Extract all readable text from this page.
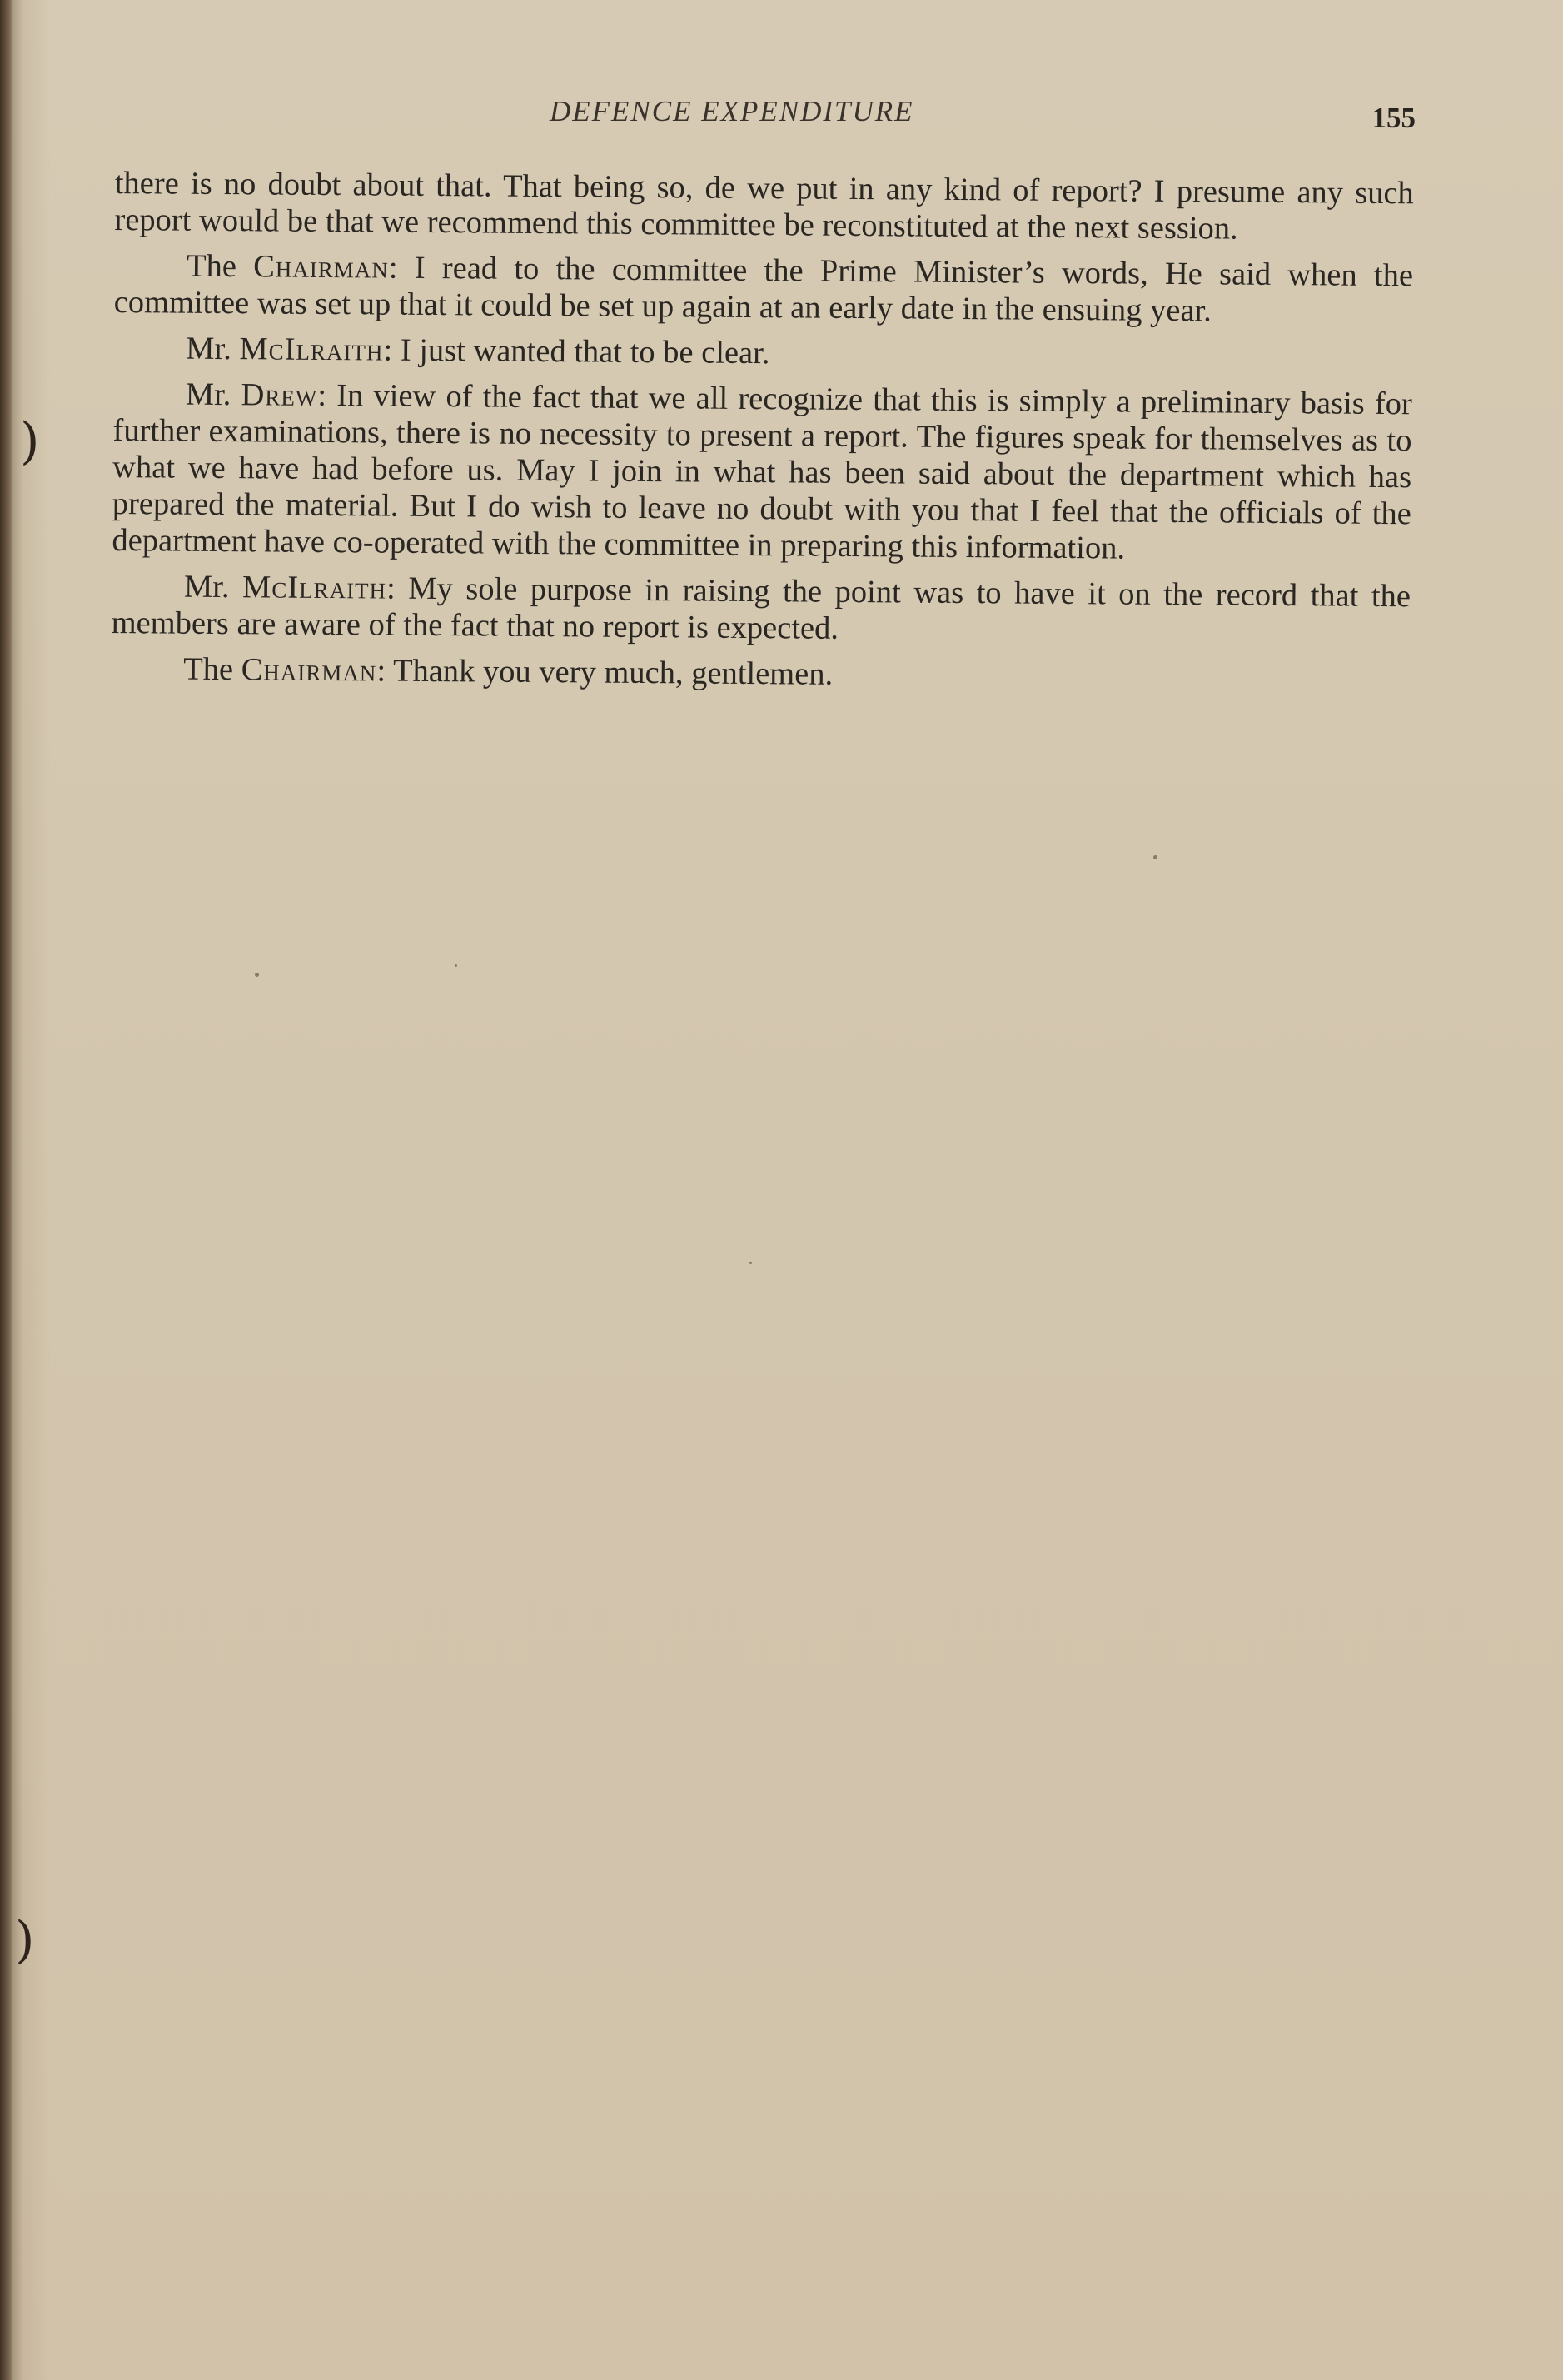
)
)
DEFENCE EXPENDITURE	155

there is no doubt about that. That being so, de we put in any kind of report? I presume any such report would be that we recommend this committee be reconstituted at the next session.

The Chairman: I read to the committee the Prime Minister’s words, He said when the committee was set up that it could be set up again at an early date in the ensuing year.

Mr. McIlraith: I just wanted that to be clear.

Mr. Drew: In view of the fact that we all recognize that this is simply a preliminary basis for further examinations, there is no necessity to present a report. The figures speak for themselves as to what we have had before us. May I join in what has been said about the department which has prepared the material. But I do wish to leave no doubt with you that I feel that the officials of the department have co-operated with the committee in preparing this information.

Mr. McIlraith: My sole purpose in raising the point was to have it on the record that the members are aware of the fact that no report is expected.

The Chairman: Thank you very much, gentlemen.
